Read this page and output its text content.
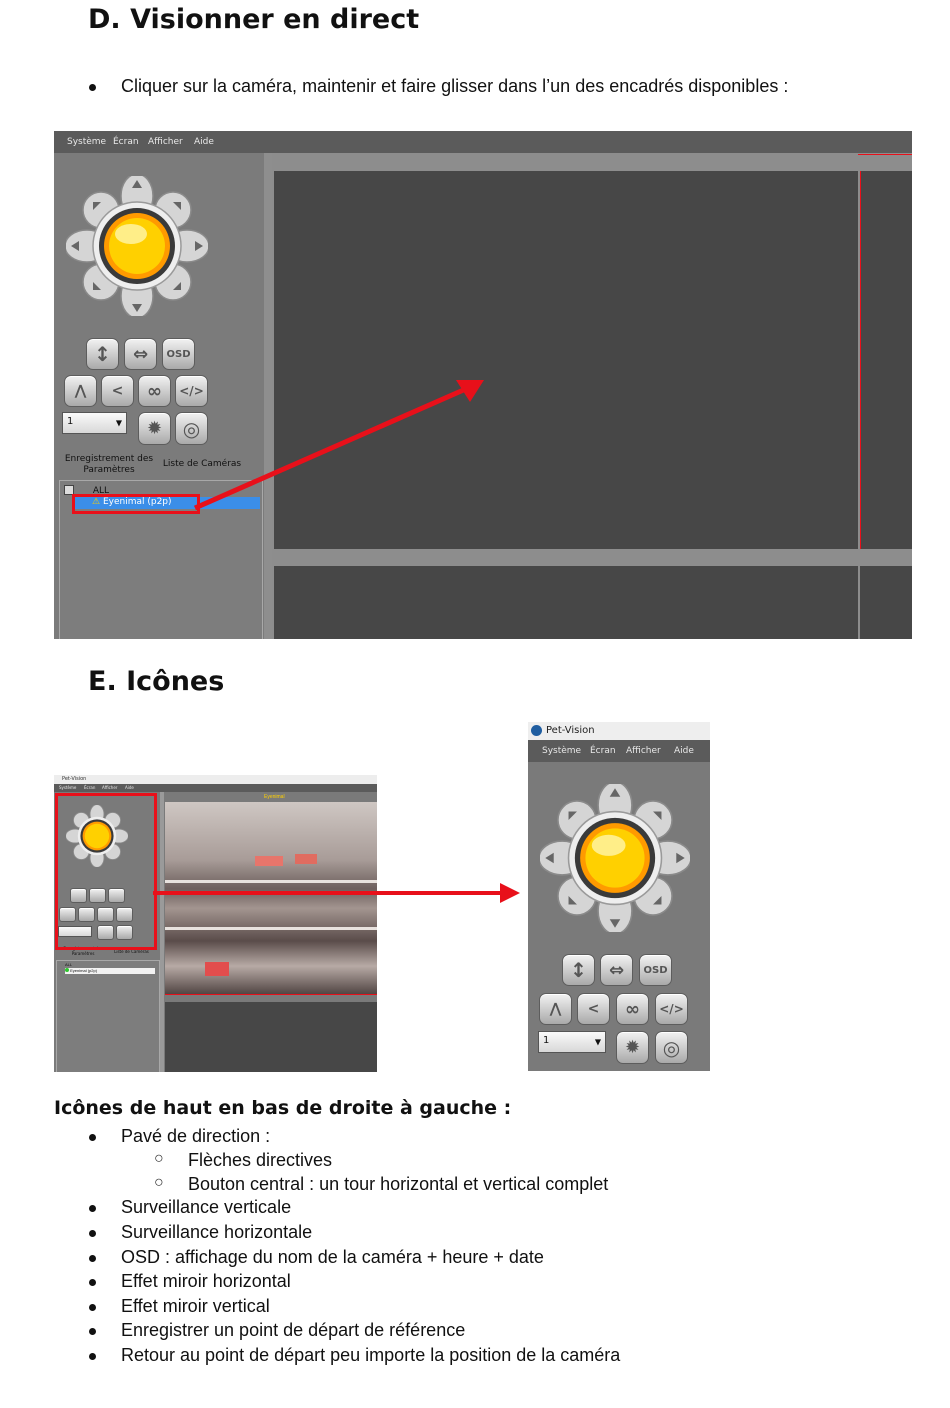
D. Visionner en direct
Cliquer sur la caméra, maintenir et faire glisser dans l’un des encadrés disponibles :
Système Écran Afficher Aide
↕	⇔	OSD
⋀	<	∞	</>
1	▼	✹	◎
Enregistrement des Paramètres
Liste de Caméras
ALL
⚠ Eyenimal (p2p)
E. Icônes
Pet-Vision
Système Écran Afficher Aide
Enregistrement des Paramètres	Liste de Caméras
ALL
Eyenimal (p2p)
Eyenimal
Pet-Vision
Système Écran Afficher Aide
↕	⇔	OSD
⋀	<	∞	</>
1	▼	✹	◎
Icônes de haut en bas de droite à gauche :
Pavé de direction :
○ Flèches directives
○ Bouton central : un tour horizontal et vertical complet
Surveillance verticale
Surveillance horizontale
OSD : affichage du nom de la caméra + heure + date
Effet miroir horizontal
Effet miroir vertical
Enregistrer un point de départ de référence
Retour au point de départ peu importe la position de la caméra
